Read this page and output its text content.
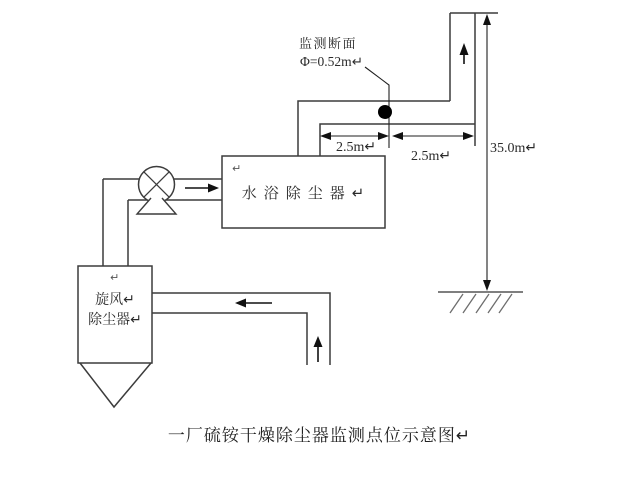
监测断面
Φ=0.52m↵
2.5m↵
2.5m↵
35.0m↵
↵
水浴除尘器↵
↵
旋风↵
除尘器↵
一厂硫铵干燥除尘器监测点位示意图↵
